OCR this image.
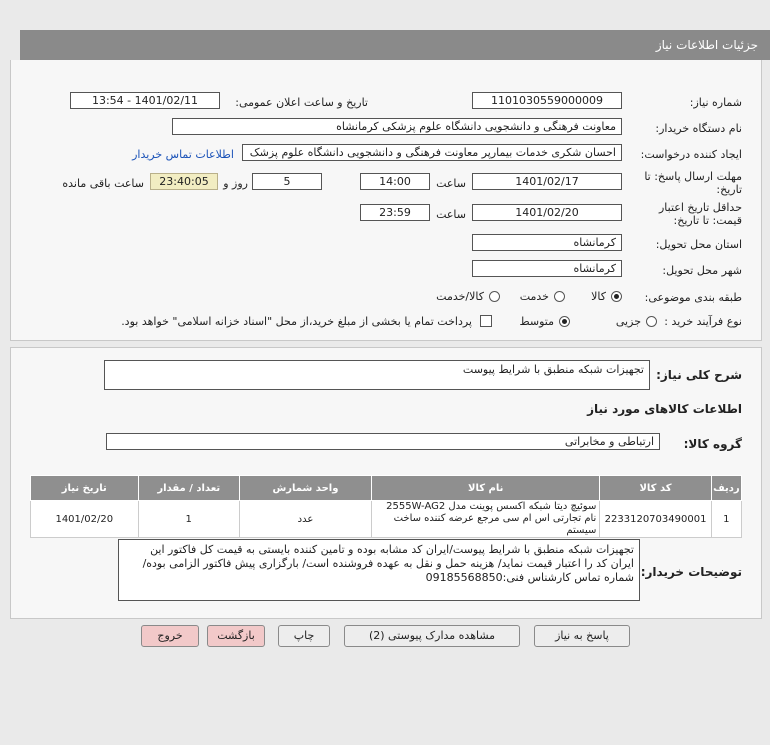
جزئیات اطلاعات نیاز
شماره نیاز:
1101030559000009
تاریخ و ساعت اعلان عمومی:
1401/02/11 - 13:54
نام دستگاه خریدار:
معاونت فرهنگی و دانشجویی دانشگاه علوم پزشکی کرمانشاه
ایجاد کننده درخواست:
احسان شکری خدمات بیمارپر معاونت فرهنگی و دانشجویی دانشگاه علوم پزشک
اطلاعات تماس خریدار
مهلت ارسال پاسخ: تا
تاریخ:
1401/02/17
ساعت
14:00
5
روز و
23:40:05
ساعت باقی مانده
حداقل تاریخ اعتبار
قیمت: تا تاریخ:
1401/02/20
ساعت
23:59
استان محل تحویل:
کرمانشاه
شهر محل تحویل:
کرمانشاه
طبقه بندی موضوعی:
کالا
خدمت
کالا/خدمت
نوع فرآیند خرید :
جزیی
متوسط
پرداخت تمام یا بخشی از مبلغ خرید،از محل "اسناد خزانه اسلامی" خواهد بود.
شرح کلی نیاز:
تجهیزات شبکه منطبق با شرایط پیوست
اطلاعات کالاهای مورد نیاز
گروه کالا:
ارتباطی و مخابراتی
ردیف	کد کالا	نام کالا	واحد شمارش	تعداد / مقدار	تاریخ نیاز
1	2233120703490001	سوئیچ دیتا شبکه اکسس پوینت مدل 2555W-AG2 نام تجارتی اس ام سی مرجع عرضه کننده ساخت سیستم	عدد	1	1401/02/20
توضیحات خریدار:
تجهیزات شبکه منطبق با شرایط پیوست/ایران کد مشابه بوده و تامین کننده بایستی به قیمت کل فاکتور این ایران کد را اعتبار قیمت نماید/ هزینه حمل و نقل به عهده فروشنده است/ بارگزاری پیش فاکتور الزامی بوده/شماره تماس کارشناس فنی:09185568850
پاسخ به نیاز
مشاهده مدارک پیوستی (2)
چاپ
بازگشت
خروج
